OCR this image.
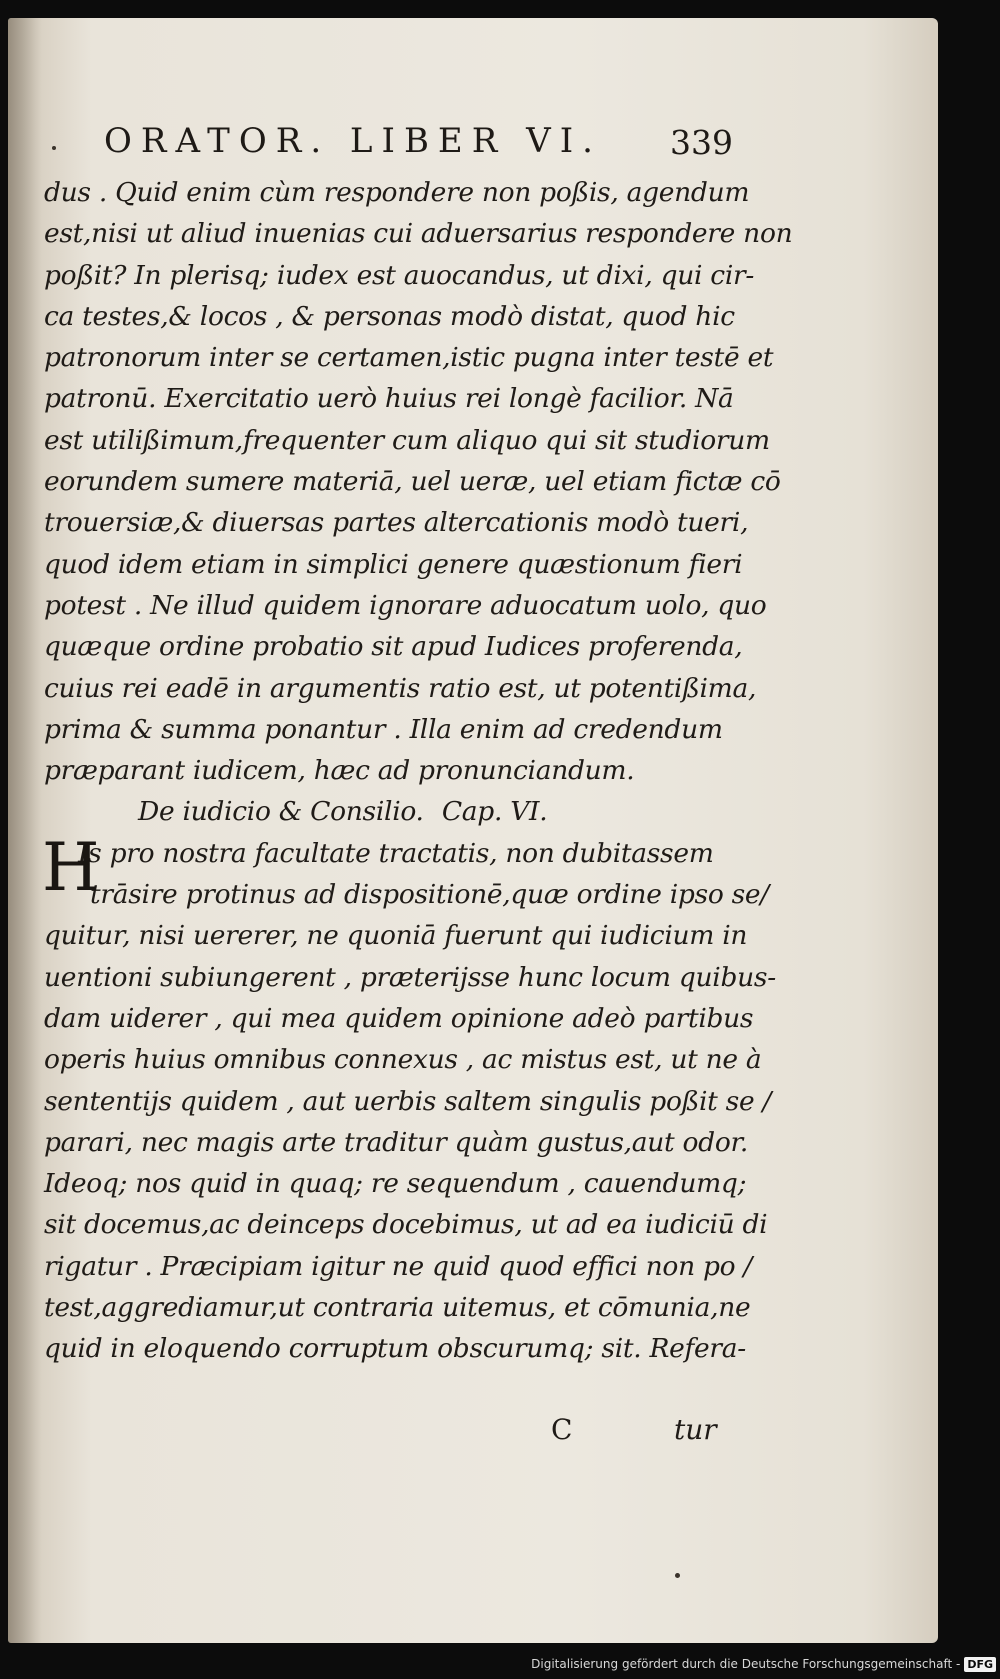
ORATOR. LIBER VI. 339
dus . Quid enim cùm respondere non poßis, agendum
est,nisi ut aliud inuenias cui aduersarius respondere non
poßit? In plerisq; iudex est auocandus, ut dixi, qui cir-
ca testes,& locos , & personas modò distat, quod hic
patronorum inter se certamen,istic pugna inter testē et
patronū. Exercitatio uerò huius rei longè facilior. Nā
est utilißimum,frequenter cum aliquo qui sit studiorum
eorundem sumere materiā, uel ueræ, uel etiam fictæ cō
trouersiæ,& diuersas partes altercationis modò tueri,
quod idem etiam in simplici genere quæstionum fieri
potest . Ne illud quidem ignorare aduocatum uolo, quo
quæque ordine probatio sit apud Iudices proferenda,
cuius rei eadē in argumentis ratio est, ut potentißima,
prima & summa ponantur . Illa enim ad credendum
præparant iudicem, hæc ad pronunciandum.
De iudicio & Consilio. Cap. VI.
H
Is pro nostra facultate tractatis, non dubitassem
trāsire protinus ad dispositionē,quæ ordine ipso se/
quitur, nisi uererer, ne quoniā fuerunt qui iudicium in
uentioni subiungerent , præterijsse hunc locum quibus-
dam uiderer , qui mea quidem opinione adeò partibus
operis huius omnibus connexus , ac mistus est, ut ne à
sententijs quidem , aut uerbis saltem singulis poßit se /
parari, nec magis arte traditur quàm gustus,aut odor.
Ideoq; nos quid in quaq; re sequendum , cauendumq;
sit docemus,ac deinceps docebimus, ut ad ea iudiciū di
rigatur . Præcipiam igitur ne quid quod effici non po /
test,aggrediamur,ut contraria uitemus, et cōmunia,ne
quid in eloquendo corruptum obscurumq; sit. Refera-
C	tur
Digitalisierung gefördert durch die Deutsche Forschungsgemeinschaft - DFG
